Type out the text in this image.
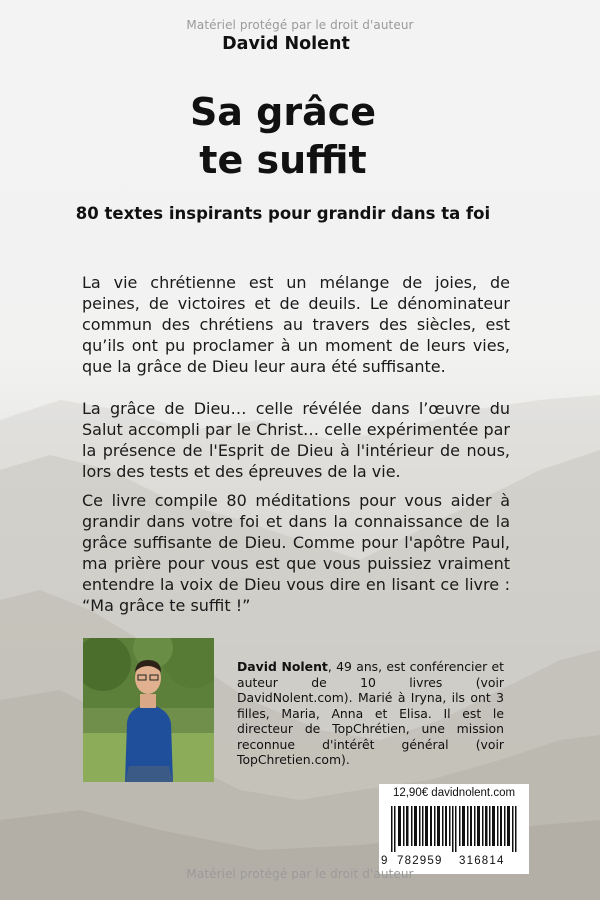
Matériel protégé par le droit d'auteur
David Nolent
Sa grâce
te suffit
80 textes inspirants pour grandir dans ta foi

La vie chrétienne est un mélange de joies, de peines, de victoires et de deuils. Le dénominateur commun des chrétiens au travers des siècles, est qu’ils ont pu proclamer à un moment de leurs vies, que la grâce de Dieu leur aura été suffisante.

La grâce de Dieu… celle révélée dans l’œuvre du Salut accompli par le Christ… celle expérimentée par la présence de l'Esprit de Dieu à l'intérieur de nous, lors des tests et des épreuves de la vie.

Ce livre compile 80 méditations pour vous aider à grandir dans votre foi et dans la connaissance de la grâce suffisante de Dieu. Comme pour l'apôtre Paul, ma prière pour vous est que vous puissiez vraiment entendre la voix de Dieu vous dire en lisant ce livre : “Ma grâce te suffit !”

David Nolent, 49 ans, est conférencier et auteur de 10 livres (voir DavidNolent.com). Marié à Iryna, ils ont 3 filles, Maria, Anna et Elisa. Il est le directeur de TopChrétien, une mission reconnue d'intérêt général (voir TopChretien.com).

12,90€ davidnolent.com
9 782959 316814
Matériel protégé par le droit d'auteur
